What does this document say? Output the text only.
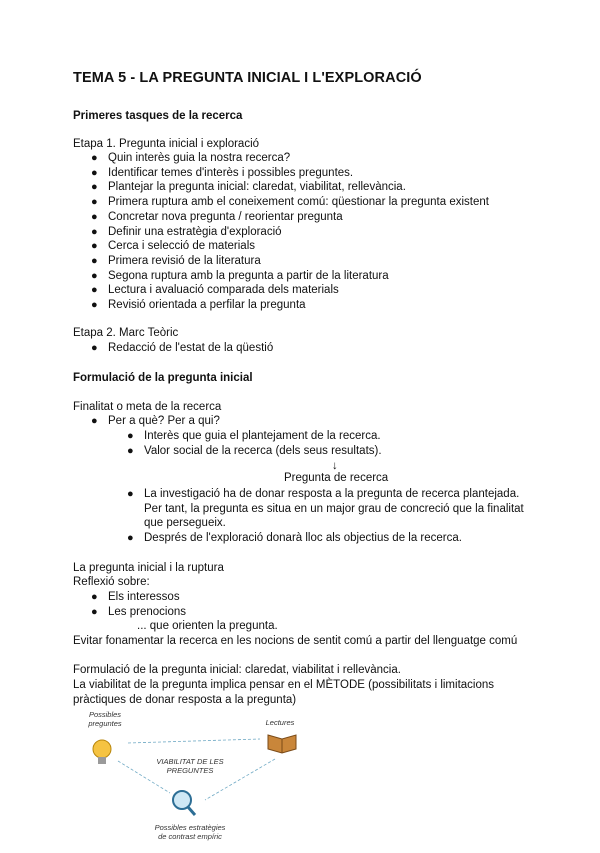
TEMA 5 - LA PREGUNTA INICIAL I L'EXPLORACIÓ
Primeres tasques de la recerca
Etapa 1. Pregunta inicial i exploració
● Quin interès guia la nostra recerca?
● Identificar temes d'interès i possibles preguntes.
● Plantejar la pregunta inicial: claredat, viabilitat, rellevància.
● Primera ruptura amb el coneixement comú: qüestionar la pregunta existent
● Concretar nova pregunta / reorientar pregunta
● Definir una estratègia d'exploració
● Cerca i selecció de materials
● Primera revisió de la literatura
● Segona ruptura amb la pregunta a partir de la literatura
● Lectura i avaluació comparada dels materials
● Revisió orientada a perfilar la pregunta
Etapa 2. Marc Teòric
● Redacció de l'estat de la qüestió
Formulació de la pregunta inicial
Finalitat o meta de la recerca
● Per a què? Per a qui?
● Interès que guia el plantejament de la recerca.
● Valor social de la recerca (dels seus resultats).
↓
Pregunta de recerca
● La investigació ha de donar resposta a la pregunta de recerca plantejada. Per tant, la pregunta es situa en un major grau de concreció que la finalitat que persegueix.
● Després de l'exploració donarà lloc als objectius de la recerca.
La pregunta inicial i la ruptura
Reflexió sobre:
● Els interessos
● Les prenocions
... que orienten la pregunta.
Evitar fonamentar la recerca en les nocions de sentit comú a partir del llenguatge comú
Formulació de la pregunta inicial: claredat, viabilitat i rellevància.
La viabilitat de la pregunta implica pensar en el MÈTODE (possibilitats i limitacions pràctiques de donar resposta a la pregunta)
Possibles preguntes	Lectures
VIABILITAT DE LES PREGUNTES
Possibles estratègies de contrast empíric
